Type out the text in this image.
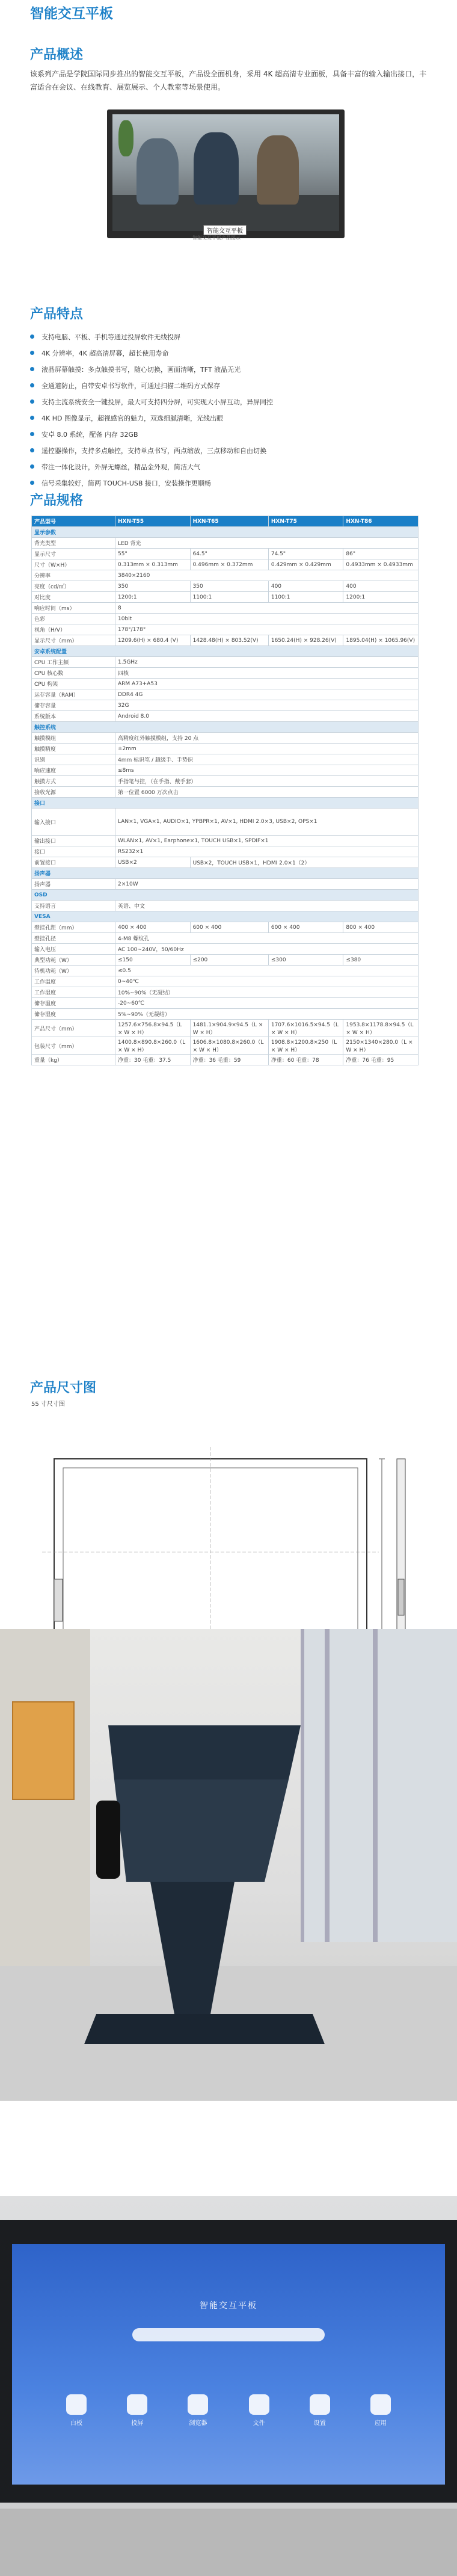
智能交互平板
产品概述
该系列产品是学院国际同步推出的智能交互平板，产品设全面机身，采用 4K 超高清专业面板，具备丰富的输入输出接口，丰富适合在会议、在线教育、展览展示、个人教室等场景使用。
智能交互平板
智能交互平板产品图示
产品特点
支持电脑、平板、手机等通过投屏软件无线投屏
4K 分辨率，4K 超高清屏幕，超长使用寿命
液晶屏幕触摸：多点触摸书写，随心切换，画面清晰，TFT 液晶无光
全通道防止，自带安卓书写软件，可通过扫描二维码方式保存
支持主流系统安全一键投屏，最大可支持四分屏，可实现大小屏互动，异屏同控
4K HD 图像显示，超视感官的魅力，双选细腻清晰，光线出眼
安卓 8.0 系统，配备 内存 32GB
遥控器操作，支持多点触控，支持单点书写，两点缩放，三点移动和自由切换
带注一体化设计，外屏无螺丝，精品金外观，简洁大气
信号采集较好，简两 TOUCH-USB 接口，安装操作更顺畅
产品规格
产品型号	HXN-T55	HXN-T65	HXN-T75	HXN-T86
显示参数				
背光类型	LED 背光			
显示尺寸	55"	64.5"	74.5"	86"
尺寸（W×H）	0.313mm × 0.313mm	0.496mm × 0.372mm	0.429mm × 0.429mm	0.4933mm × 0.4933mm
分辨率	3840×2160			
亮度（cd/㎡）	350	350	400	400
对比度	1200:1	1100:1	1100:1	1200:1
响应时间（ms）	8			
色彩	10bit			
视角（H/V）	178°/178°			
显示尺寸（mm）	1209.6(H) × 680.4 (V)	1428.48(H) × 803.52(V)	1650.24(H) × 928.26(V)	1895.04(H) × 1065.96(V)
安卓系统配置				
CPU 工作主频	1.5GHz			
CPU 核心数	四核			
CPU 构架	ARM A73+A53			
运存容量（RAM）	DDR4 4G			
储存容量	32G			
系统版本	Android 8.0			
触控系统				
触摸模组	高精度红外触摸模组，支持 20 点			
触摸精度	±2mm			
识别	4mm 标识笔 / 超级手、手势识			
响应速度	≤8ms			
触摸方式	手指笔与控，（在手指、戴手套）			
接收光源	第一位置 6000 万次点击			
接口				
输入接口	LAN×1, VGA×1, AUDIO×1, YPBPR×1, AV×1, HDMI 2.0×3, USB×2, OPS×1			
输出接口	WLAN×1, AV×1, Earphone×1, TOUCH USB×1, SPDIF×1			
接口	RS232×1			
前置接口	USB×2	USB×2，TOUCH USB×1，HDMI 2.0×1（2）		
扬声器				
扬声器	2×10W			
OSD				
支持语言	英语、中文			
VESA				
壁挂孔距（mm）	400 × 400	600 × 400	600 × 400	800 × 400
壁挂孔径	4-M8 螺纹孔			
输入电压	AC 100~240V，50/60Hz			
典型功耗（W）	≤150	≤200	≤300	≤380
待机功耗（W）	≤0.5			
工作温度	0~40℃			
工作湿度	10%~90%（无凝结）			
储存温度	-20~60℃			
储存湿度	5%~90%（无凝结）			
产品尺寸（mm）	1257.6×756.8×94.5（L × W × H）	1481.1×904.9×94.5（L × W × H）	1707.6×1016.5×94.5（L × W × H）	1953.8×1178.8×94.5（L × W × H）
包装尺寸（mm）	1400.8×890.8×260.0（L × W × H）	1606.8×1080.8×260.0（L × W × H）	1908.8×1200.8×250（L × W × H）	2150×1340×280.0（L × W × H）
重量（kg）	净重：30 毛重：37.5	净重：36 毛重：59	净重：60 毛重：78	净重：76 毛重：95
产品尺寸图
55 寸尺寸图
智能交互平板
白板	投屏	浏览器	文件	设置	应用
